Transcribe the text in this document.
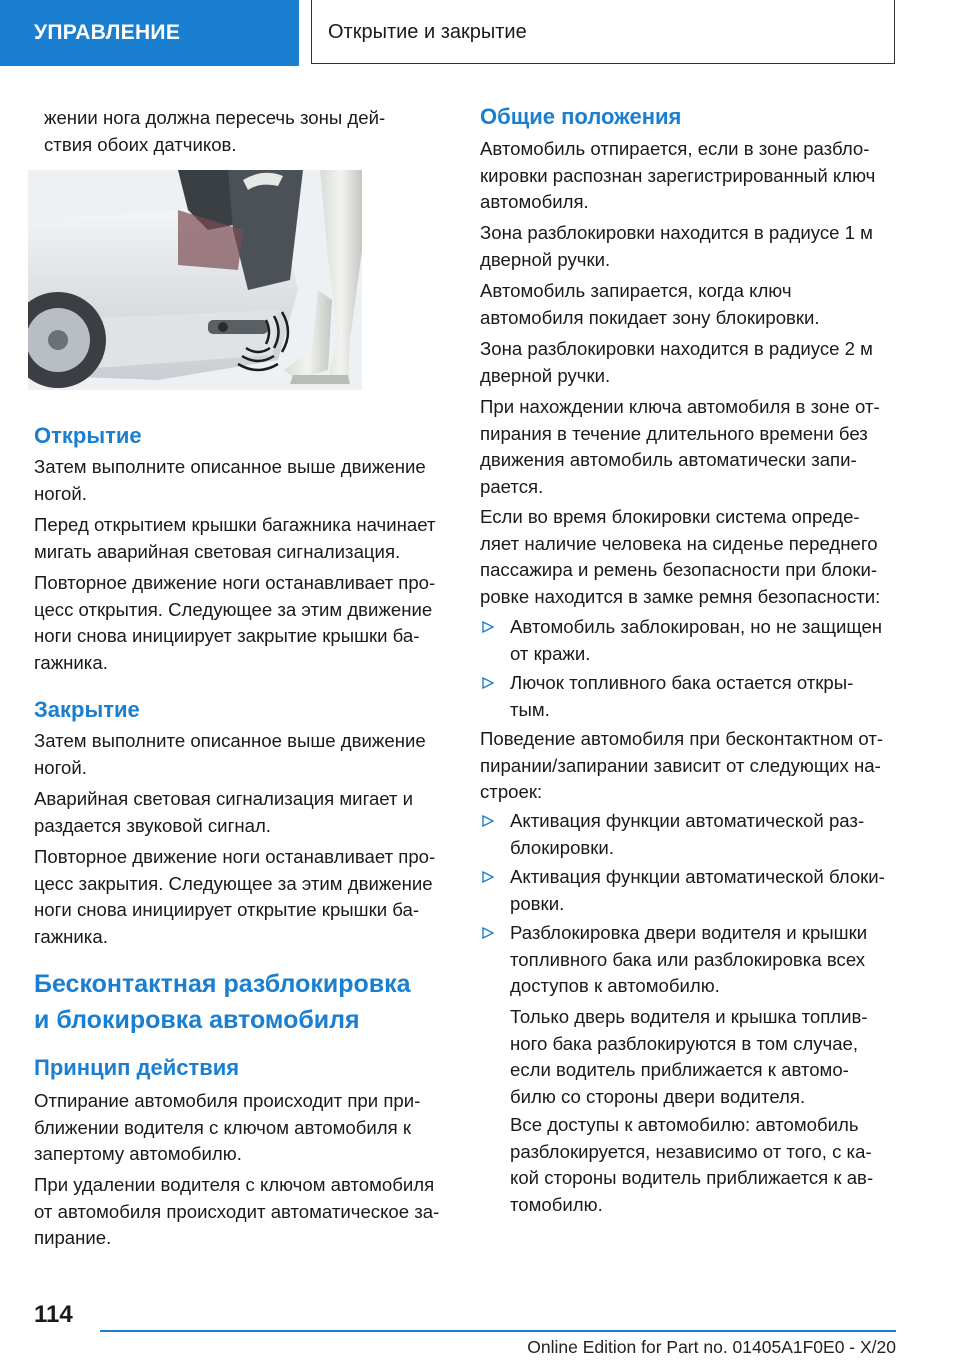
УПРАВЛЕНИЕ	Открытие и закрытие

жении нога должна пересечь зоны дей-
ствия обоих датчиков.

Открытие

Затем выполните описанное выше движение
ногой.

Перед открытием крышки багажника начинает
мигать аварийная световая сигнализация.

Повторное движение ноги останавливает про-
цесс открытия. Следующее за этим движение
ноги снова инициирует закрытие крышки ба-
гажника.

Закрытие

Затем выполните описанное выше движение
ногой.

Аварийная световая сигнализация мигает и
раздается звуковой сигнал.

Повторное движение ноги останавливает про-
цесс закрытия. Следующее за этим движение
ноги снова инициирует открытие крышки ба-
гажника.

Бесконтактная разблокировка
и блокировка автомобиля
Принцип действия

Отпирание автомобиля происходит при при-
ближении водителя с ключом автомобиля к
запертому автомобилю.

При удалении водителя с ключом автомобиля
от автомобиля происходит автоматическое за-
пирание.

Общие положения

Автомобиль отпирается, если в зоне разбло-
кировки распознан зарегистрированный ключ
автомобиля.

Зона разблокировки находится в радиусе 1 м
дверной ручки.

Автомобиль запирается, когда ключ
автомобиля покидает зону блокировки.

Зона разблокировки находится в радиусе 2 м
дверной ручки.

При нахождении ключа автомобиля в зоне от-
пирания в течение длительного времени без
движения автомобиль автоматически запи-
рается.

Если во время блокировки система опреде-
ляет наличие человека на сиденье переднего
пассажира и ремень безопасности при блоки-
ровке находится в замке ремня безопасности:

Автомобиль заблокирован, но не защищен
от кражи.

Лючок топливного бака остается откры-
тым.

Поведение автомобиля при бесконтактном от-
пирании/запирании зависит от следующих на-
строек:

Активация функции автоматической раз-
блокировки.

Активация функции автоматической блоки-
ровки.

Разблокировка двери водителя и крышки
топливного бака или разблокировка всех
доступов к автомобилю.

Только дверь водителя и крышка топлив-
ного бака разблокируются в том случае,
если водитель приближается к автомо-
билю со стороны двери водителя.

Все доступы к автомобилю: автомобиль
разблокируется, независимо от того, с ка-
кой стороны водитель приближается к ав-
томобилю.

114
Online Edition for Part no. 01405A1F0E0 - X/20
